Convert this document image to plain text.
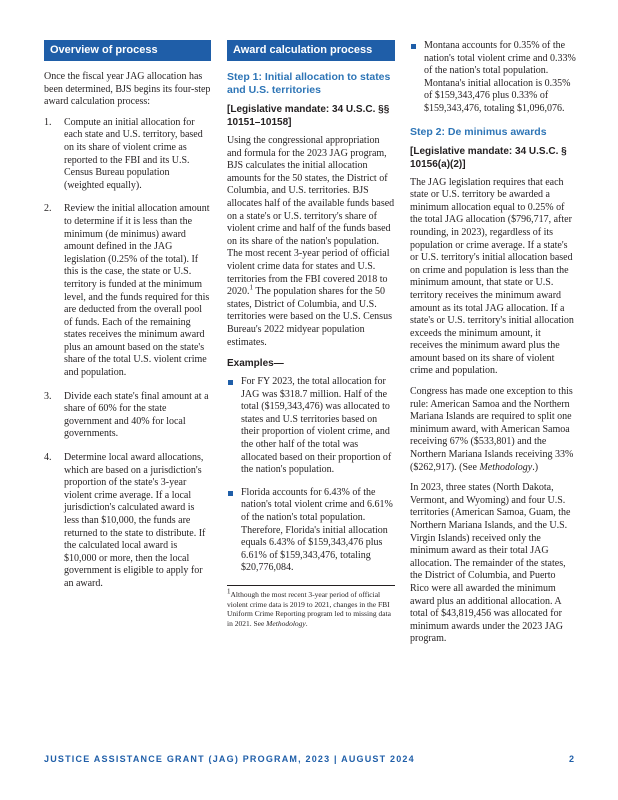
Overview of process

Once the fiscal year JAG allocation has been determined, BJS begins its four-step award calculation process:

1. Compute an initial allocation for each state and U.S. territory, based on its share of violent crime as reported to the FBI and its U.S. Census Bureau population (weighted equally).
2. Review the initial allocation amount to determine if it is less than the minimum (de minimus) award amount defined in the JAG legislation (0.25% of the total). If this is the case, the state or U.S. territory is funded at the minimum level, and the funds required for this are deducted from the overall pool of funds. Each of the remaining states receives the minimum award plus an amount based on the state's share of the total U.S. violent crime and population.
3. Divide each state's final amount at a share of 60% for the state government and 40% for local governments.
4. Determine local award allocations, which are based on a jurisdiction's proportion of the state's 3-year violent crime average. If a local jurisdiction's calculated award is less than $10,000, the funds are returned to the state to distribute. If the calculated local award is $10,000 or more, then the local government is eligible to apply for an award.
Award calculation process
Step 1: Initial allocation to states and U.S. territories
[Legislative mandate: 34 U.S.C. §§ 10151–10158]

Using the congressional appropriation and formula for the 2023 JAG program, BJS calculates the initial allocation amounts for the 50 states, the District of Columbia, and U.S. territories. BJS allocates half of the available funds based on a state's or U.S. territory's share of violent crime and half of the funds based on its share of the nation's population. The most recent 3-year period of official violent crime data for states and U.S. territories from the FBI covered 2018 to 2020.$^1$ The population shares for the 50 states, District of Columbia, and U.S. territories were based on the U.S. Census Bureau's 2022 midyear population estimates.

Examples—
For FY 2023, the total allocation for JAG was $318.7 million. Half of the total ($159,343,476) was allocated to states and U.S territories based on their proportion of violent crime, and the other half of the total was allocated based on their proportion of the nation's population.
Florida accounts for 6.43% of the nation's total violent crime and 6.61% of the nation's total population. Therefore, Florida's initial allocation equals 6.43% of $159,343,476 plus 6.61% of $159,343,476, totaling $20,776,084.
$^1$Although the most recent 3-year period of official violent crime data is 2019 to 2021, changes in the FBI Uniform Crime Reporting program led to missing data in 2021. See Methodology.
Montana accounts for 0.35% of the nation's total violent crime and 0.33% of the nation's total population. Montana's initial allocation is 0.35% of $159,343,476 plus 0.33% of $159,343,476, totaling $1,096,076.
Step 2: De minimus awards
[Legislative mandate: 34 U.S.C. § 10156(a)(2)]

The JAG legislation requires that each state or U.S. territory be awarded a minimum allocation equal to 0.25% of the total JAG allocation ($796,717, after rounding, in 2023), regardless of its population or crime average. If a state's or U.S. territory's initial allocation based on crime and population is less than the minimum amount, that state or U.S. territory receives the minimum award amount as its total JAG allocation. If a state's or U.S. territory's initial allocation exceeds the minimum amount, it receives the minimum award plus the amount based on its share of violent crime and population.

Congress has made one exception to this rule: American Samoa and the Northern Mariana Islands are required to split one minimum award, with American Samoa receiving 67% ($533,801) and the Northern Mariana Islands receiving 33% ($262,917). (See Methodology.)

In 2023, three states (North Dakota, Vermont, and Wyoming) and four U.S. territories (American Samoa, Guam, the Northern Mariana Islands, and the U.S. Virgin Islands) received only the minimum award as their total JAG allocation. The remainder of the states, the District of Columbia, and Puerto Rico were all awarded the minimum award plus an additional allocation. A total of $43,819,456 was allocated for minimum awards under the 2023 JAG program.

JUSTICE ASSISTANCE GRANT (JAG) PROGRAM, 2023 | AUGUST 2024	2
